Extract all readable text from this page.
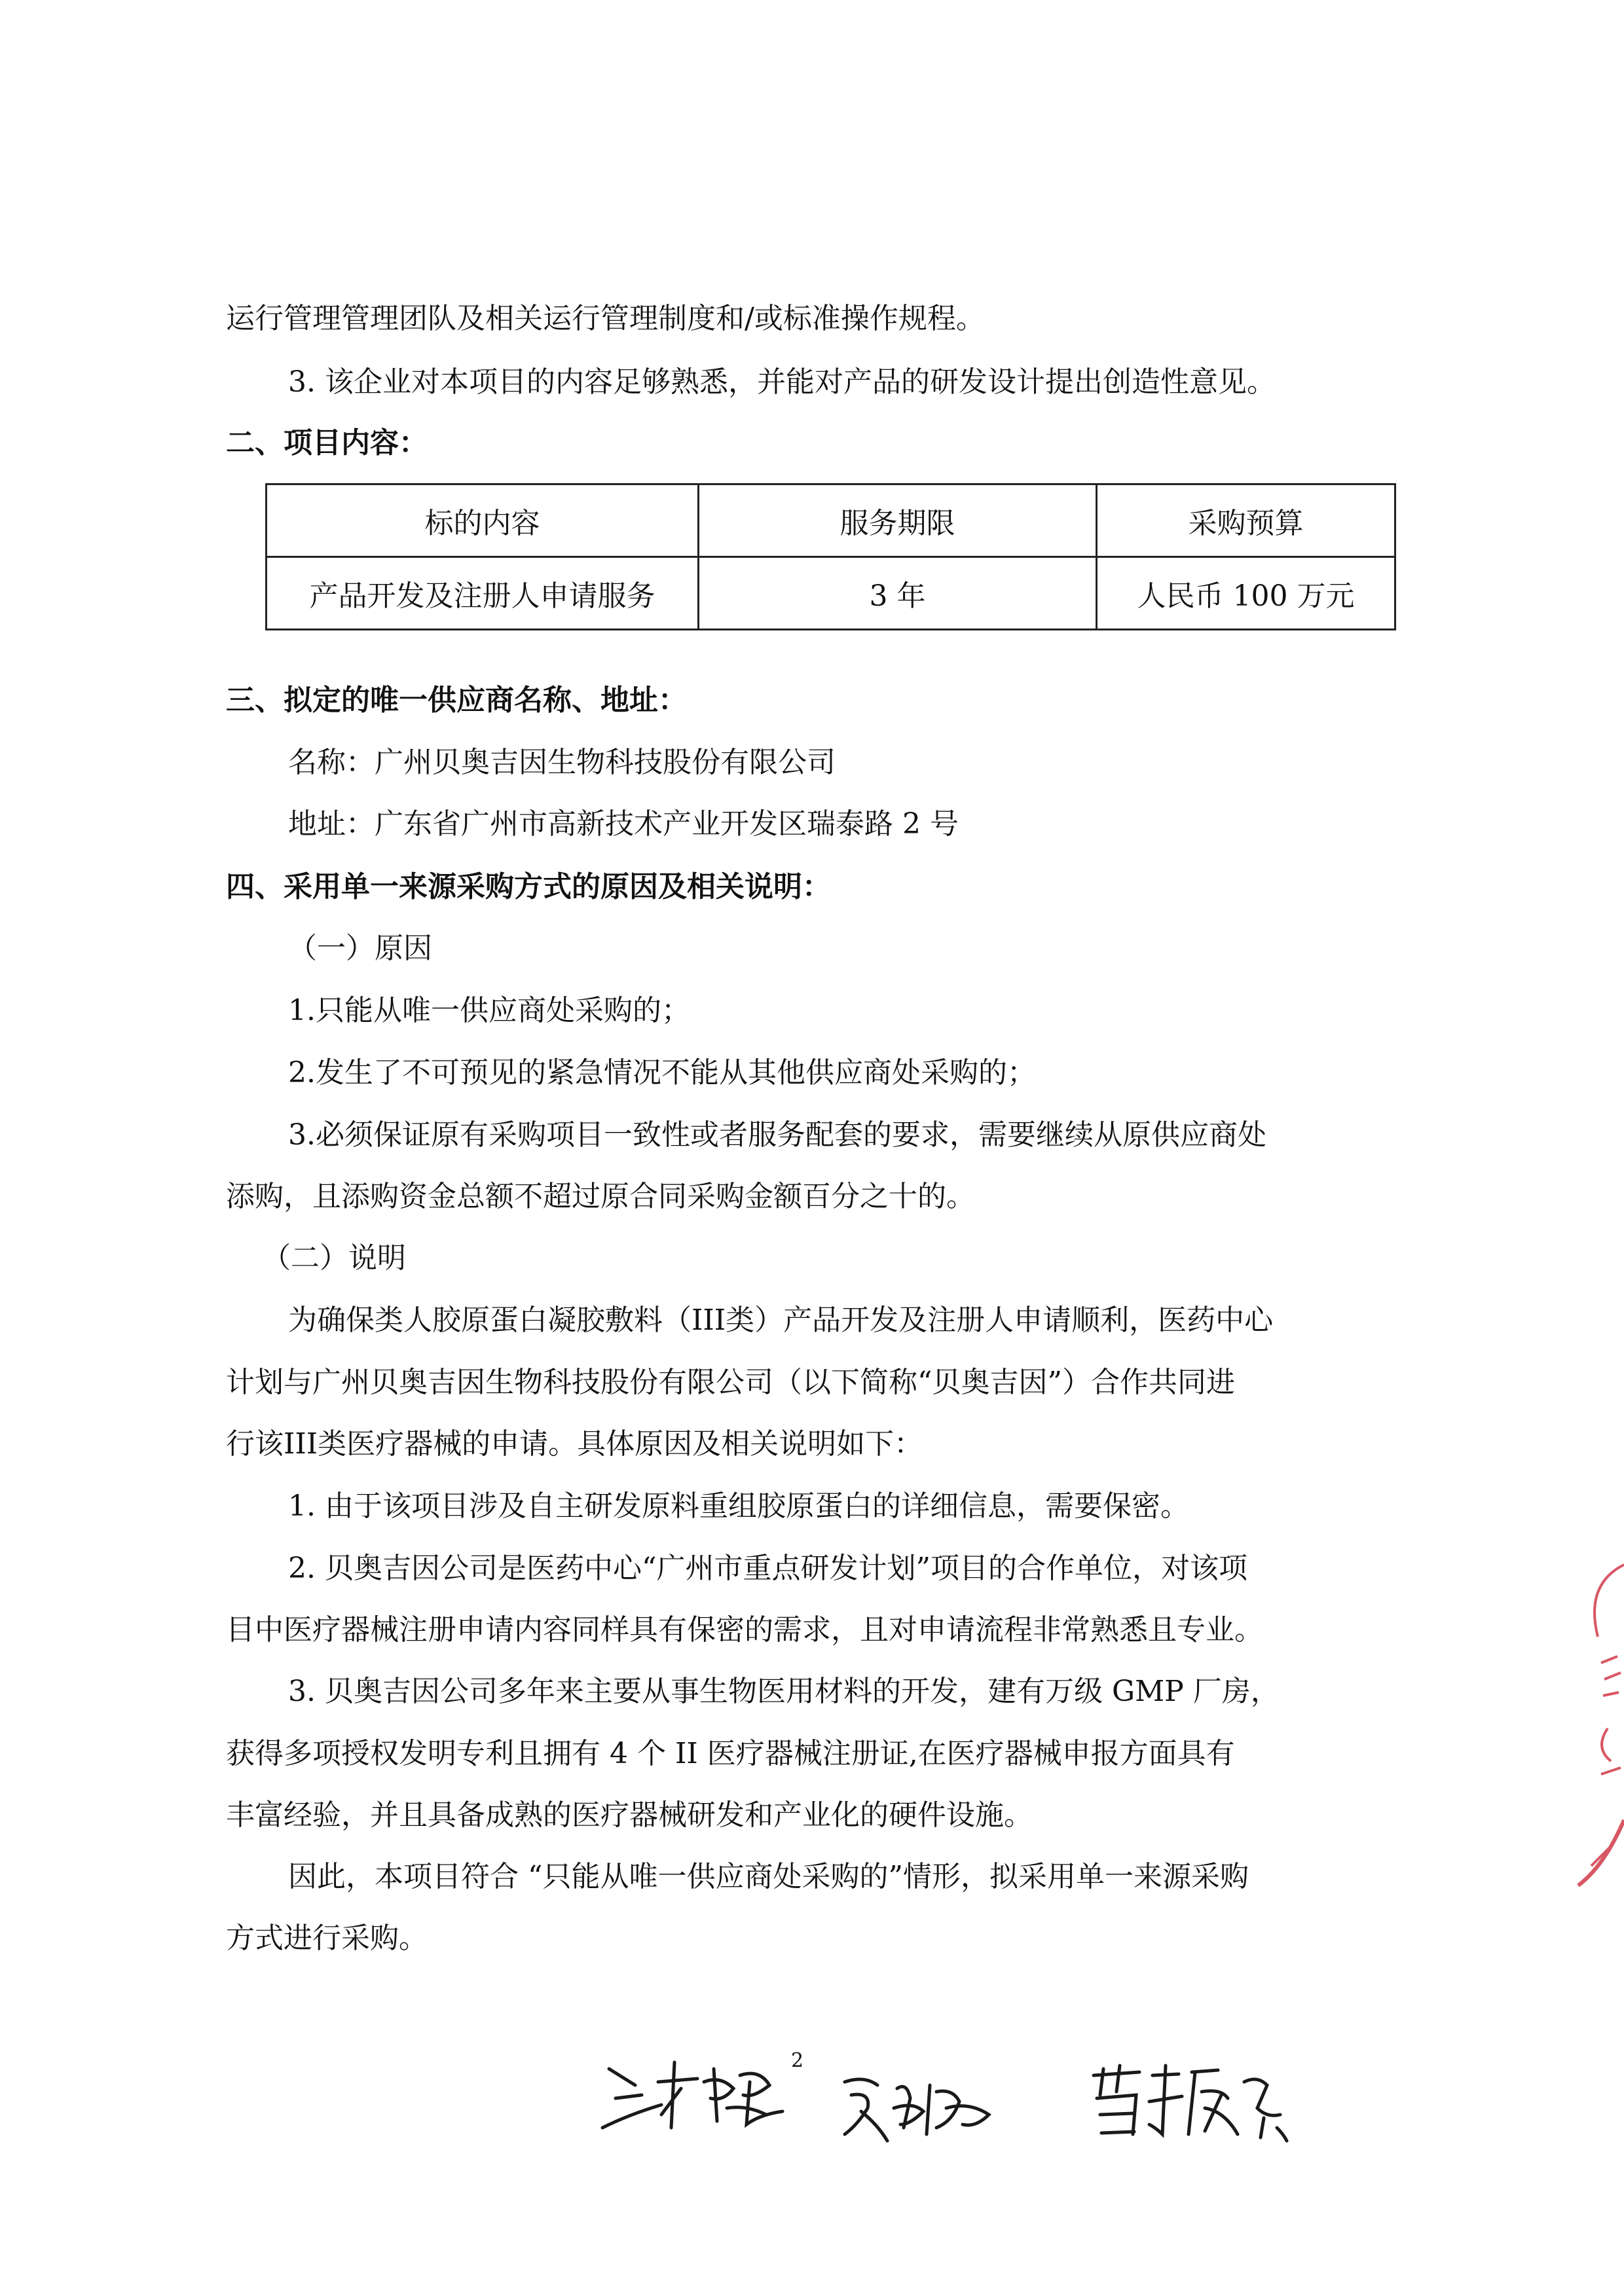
运行管理管理团队及相关运行管理制度和/或标准操作规程。
3. 该企业对本项目的内容足够熟悉，并能对产品的研发设计提出创造性意见。
二、项目内容：
标的内容	服务期限	采购预算
产品开发及注册人申请服务	3 年	人民币 100 万元
三、拟定的唯一供应商名称、地址：
名称：广州贝奥吉因生物科技股份有限公司
地址：广东省广州市高新技术产业开发区瑞泰路 2 号
四、采用单一来源采购方式的原因及相关说明：
（一）原因
1.只能从唯一供应商处采购的；
2.发生了不可预见的紧急情况不能从其他供应商处采购的；
3.必须保证原有采购项目一致性或者服务配套的要求，需要继续从原供应商处
添购，且添购资金总额不超过原合同采购金额百分之十的。
（二）说明
为确保类人胶原蛋白凝胶敷料（III类）产品开发及注册人申请顺利，医药中心
计划与广州贝奥吉因生物科技股份有限公司（以下简称“贝奥吉因”）合作共同进
行该III类医疗器械的申请。具体原因及相关说明如下：
1. 由于该项目涉及自主研发原料重组胶原蛋白的详细信息，需要保密。
2. 贝奥吉因公司是医药中心“广州市重点研发计划”项目的合作单位，对该项
目中医疗器械注册申请内容同样具有保密的需求，且对申请流程非常熟悉且专业。
3. 贝奥吉因公司多年来主要从事生物医用材料的开发，建有万级 GMP 厂房，
获得多项授权发明专利且拥有 4 个 II 医疗器械注册证,在医疗器械申报方面具有
丰富经验，并且具备成熟的医疗器械研发和产业化的硬件设施。
因此，本项目符合 “只能从唯一供应商处采购的”情形，拟采用单一来源采购
方式进行采购。
2
